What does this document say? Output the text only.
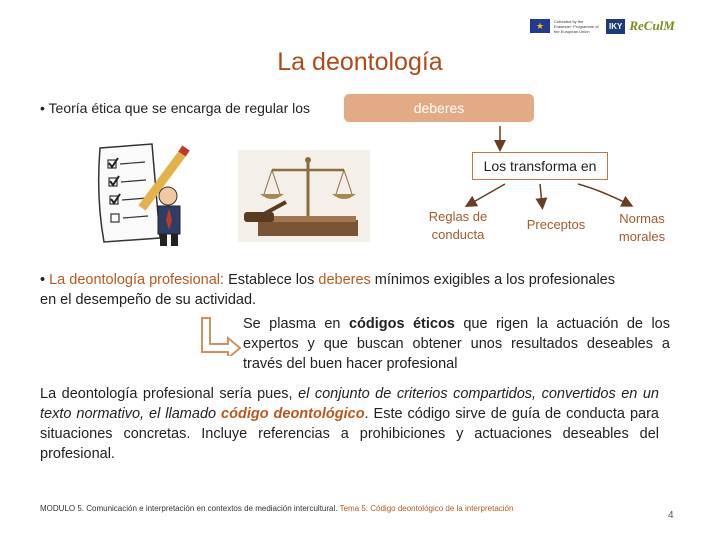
★ Cofunded by the Erasmus+ Programme of the European Union
IKY ReCulM
La deontología
• Teoría ética que se encarga de regular los	deberes
Los transforma en
Reglas de
conducta
Preceptos	Normas
morales
• La deontología profesional: Establece los deberes mínimos exigibles a los profesionales
en el desempeño de su actividad.
Se plasma en códigos éticos que rigen la actuación de los expertos y que buscan obtener unos resultados deseables a través del buen hacer profesional
La deontología profesional sería pues, el conjunto de criterios compartidos, convertidos en un texto normativo, el llamado código deontológico. Este código sirve de guía de conducta para situaciones concretas. Incluye referencias a prohibiciones y actuaciones deseables del profesional.
MODULO 5. Comunicación e interpretación en contextos de mediación intercultural. Tema 5: Código deontológico de la interpretación
4
